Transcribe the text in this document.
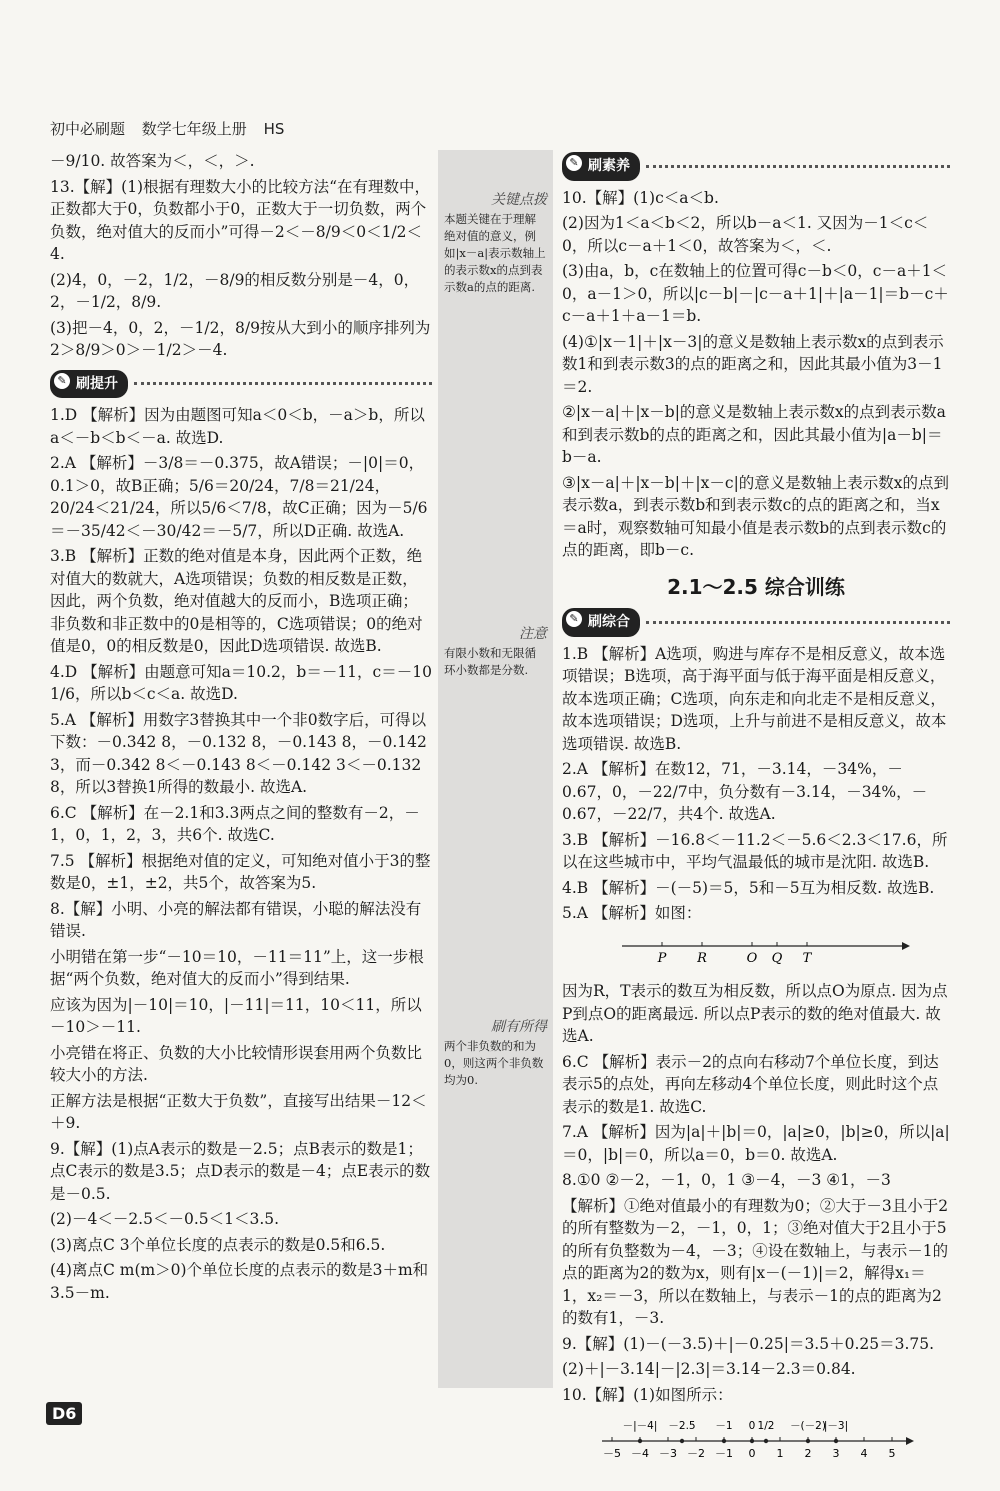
初中必刷题 数学七年级上册 HS

－9/10. 故答案为＜，＜，＞.

13.【解】(1)根据有理数大小的比较方法“在有理数中，正数都大于0，负数都小于0，正数大于一切负数，两个负数，绝对值大的反而小”可得－2＜－8/9＜0＜1/2＜4.

(2)4，0，－2，1/2，－8/9的相反数分别是－4，0，2，－1/2，8/9.

(3)把－4，0，2，－1/2，8/9按从大到小的顺序排列为2＞8/9＞0＞－1/2＞－4.

✎ 刷提升

1.D 【解析】因为由题图可知a＜0＜b，－a＞b，所以a＜－b＜b＜－a. 故选D.

2.A 【解析】－3/8＝－0.375，故A错误；－|0|＝0，0.1＞0，故B正确；5/6＝20/24，7/8＝21/24，20/24＜21/24，所以5/6＜7/8，故C正确；因为－5/6＝－35/42＜－30/42＝－5/7，所以D正确. 故选A.

3.B 【解析】正数的绝对值是本身，因此两个正数，绝对值大的数就大，A选项错误；负数的相反数是正数，因此，两个负数，绝对值越大的反而小，B选项正确；非负数和非正数中的0是相等的，C选项错误；0的绝对值是0，0的相反数是0，因此D选项错误. 故选B.

4.D 【解析】由题意可知a＝10.2，b＝－11，c＝－10 1/6，所以b＜c＜a. 故选D.

5.A 【解析】用数字3替换其中一个非0数字后，可得以下数：－0.342 8，－0.132 8，－0.143 8，－0.142 3，而－0.342 8＜－0.143 8＜－0.142 3＜－0.132 8，所以3替换1所得的数最小. 故选A.

6.C 【解析】在－2.1和3.3两点之间的整数有－2，－1，0，1，2，3，共6个. 故选C.

7.5 【解析】根据绝对值的定义，可知绝对值小于3的整数是0，±1，±2，共5个，故答案为5.

8.【解】小明、小亮的解法都有错误，小聪的解法没有错误.

小明错在第一步“－10＝10，－11＝11”上，这一步根据“两个负数，绝对值大的反而小”得到结果.

应该为因为|－10|＝10，|－11|＝11，10＜11，所以－10＞－11.

小亮错在将正、负数的大小比较情形误套用两个负数比较大小的方法.

正解方法是根据“正数大于负数”，直接写出结果－12＜＋9.

9.【解】(1)点A表示的数是－2.5；点B表示的数是1；点C表示的数是3.5；点D表示的数是－4；点E表示的数是－0.5.

(2)－4＜－2.5＜－0.5＜1＜3.5.

(3)离点C 3个单位长度的点表示的数是0.5和6.5.

(4)离点C m(m＞0)个单位长度的点表示的数是3＋m和3.5－m.

关键点拨
本题关键在于理解绝对值的意义，例如|x－a|表示数轴上的表示数x的点到表示数a的点的距离.
注意
有限小数和无限循环小数都是分数.
刷有所得
两个非负数的和为0，则这两个非负数均为0.
✎ 刷素养

10.【解】(1)c＜a＜b.

(2)因为1＜a＜b＜2，所以b－a＜1. 又因为－1＜c＜0，所以c－a＋1＜0，故答案为＜，＜.

(3)由a，b，c在数轴上的位置可得c－b＜0，c－a＋1＜0，a－1＞0，所以|c－b|－|c－a＋1|＋|a－1|＝b－c＋c－a＋1＋a－1＝b.

(4)①|x－1|＋|x－3|的意义是数轴上表示数x的点到表示数1和到表示数3的点的距离之和，因此其最小值为3－1＝2.

②|x－a|＋|x－b|的意义是数轴上表示数x的点到表示数a和到表示数b的点的距离之和，因此其最小值为|a－b|＝b－a.

③|x－a|＋|x－b|＋|x－c|的意义是数轴上表示数x的点到表示数a，到表示数b和到表示数c的点的距离之和，当x＝a时，观察数轴可知最小值是表示数b的点到表示数c的点的距离，即b－c.

2.1～2.5 综合训练
✎ 刷综合

1.B 【解析】A选项，购进与库存不是相反意义，故本选项错误；B选项，高于海平面与低于海平面是相反意义，故本选项正确；C选项，向东走和向北走不是相反意义，故本选项错误；D选项，上升与前进不是相反意义，故本选项错误. 故选B.

2.A 【解析】在数12，71，－3.14，－34%，－0.67，0，－22/7中，负分数有－3.14，－34%，－0.67，－22/7，共4个. 故选A.

3.B 【解析】－16.8＜－11.2＜－5.6＜2.3＜17.6，所以在这些城市中，平均气温最低的城市是沈阳. 故选B.

4.B 【解析】－(－5)＝5，5和－5互为相反数. 故选B.

5.A 【解析】如图：

P R	O Q T

因为R，T表示的数互为相反数，所以点O为原点. 因为点P到点O的距离最远. 所以点P表示的数的绝对值最大. 故选A.

6.C 【解析】表示－2的点向右移动7个单位长度，到达表示5的点处，再向左移动4个单位长度，则此时这个点表示的数是1. 故选C.

7.A 【解析】因为|a|＋|b|＝0，|a|≥0，|b|≥0，所以|a|＝0，|b|＝0，所以a＝0，b＝0. 故选A.

8.①0 ②－2，－1，0，1 ③－4，－3 ④1，－3

【解析】①绝对值最小的有理数为0；②大于－3且小于2的所有整数为－2，－1，0，1；③绝对值大于2且小于5的所有负整数为－4，－3；④设在数轴上，与表示－1的点的距离为2的数为x，则有|x－(－1)|＝2，解得x₁＝1，x₂＝－3，所以在数轴上，与表示－1的点的距离为2的数有1，－3.

9.【解】(1)－(－3.5)＋|－0.25|＝3.5＋0.25＝3.75.

(2)＋|－3.14|－|2.3|＝3.14－2.3＝0.84.

10.【解】(1)如图所示：

－5 －4 －3 －2 －1 0 1 2 3 4 5
－|－4| －2.5 －1 0 1/2 －(－2)
|－3|
D6
